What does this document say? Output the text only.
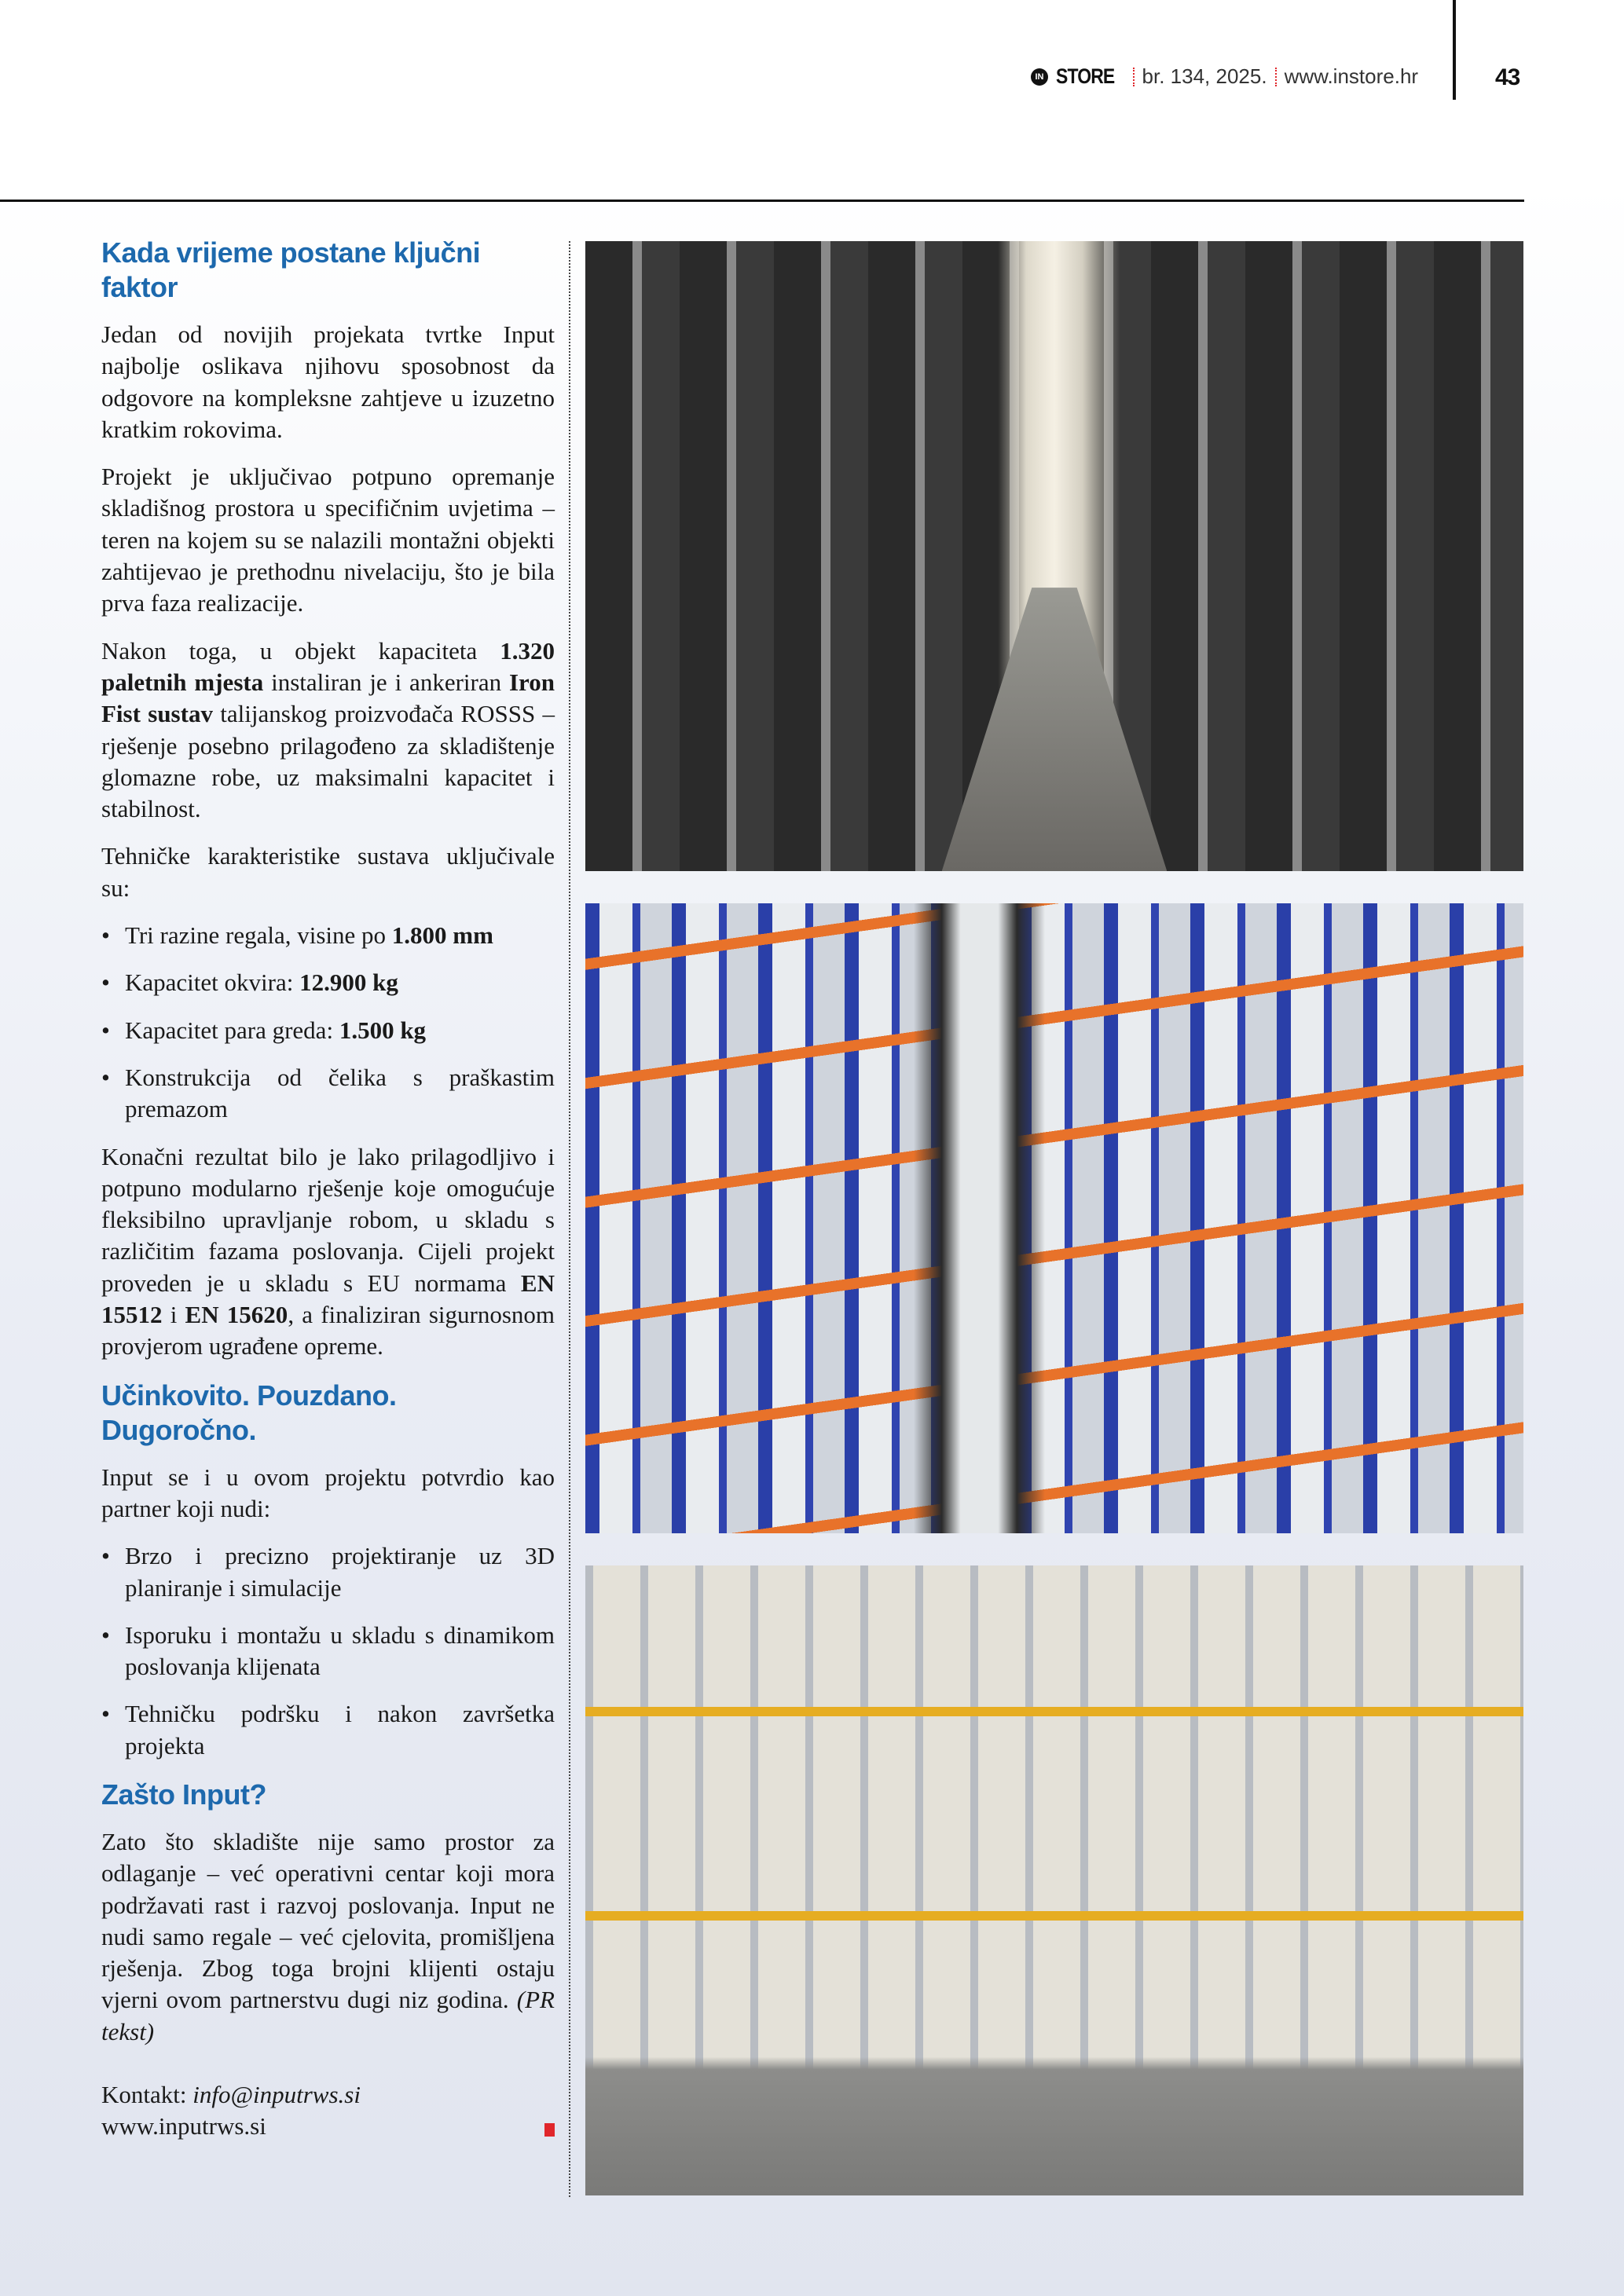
IN STORE br. 134, 2025. www.instore.hr	43
Kada vrijeme postane ključni faktor

Jedan od novijih projekata tvrtke Input najbolje oslikava njihovu sposobnost da odgovore na kompleksne zahtjeve u izuzetno kratkim rokovima.

Projekt je uključivao potpuno opremanje skladišnog prostora u specifičnim uvjetima – teren na kojem su se nalazili montažni objekti zahtijevao je prethodnu nivelaciju, što je bila prva faza realizacije.

Nakon toga, u objekt kapaciteta 1.320 paletnih mjesta instaliran je i ankeriran Iron Fist sustav talijanskog proizvođača ROSSS – rješenje posebno prilagođeno za skladištenje glomazne robe, uz maksimalni kapacitet i stabilnost.

Tehničke karakteristike sustava uključivale su:

• Tri razine regala, visine po 1.800 mm
• Kapacitet okvira: 12.900 kg
• Kapacitet para greda: 1.500 kg
• Konstrukcija od čelika s praškastim premazom

Konačni rezultat bilo je lako prilagodljivo i potpuno modularno rješenje koje omogućuje fleksibilno upravljanje robom, u skladu s različitim fazama poslovanja. Cijeli projekt proveden je u skladu s EU normama EN 15512 i EN 15620, a finaliziran sigurnosnom provjerom ugrađene opreme.

Učinkovito. Pouzdano. Dugoročno.

Input se i u ovom projektu potvrdio kao partner koji nudi:

• Brzo i precizno projektiranje uz 3D planiranje i simulacije
• Isporuku i montažu u skladu s dinamikom poslovanja klijenata
• Tehničku podršku i nakon završetka projekta
Zašto Input?

Zato što skladište nije samo prostor za odlaganje – već operativni centar koji mora podržavati rast i razvoj poslovanja. Input ne nudi samo regale – već cjelovita, promišljena rješenja. Zbog toga brojni klijenti ostaju vjerni ovom partnerstvu dugi niz godina. (PR tekst)

Kontakt: info@inputrws.si
www.inputrws.si
